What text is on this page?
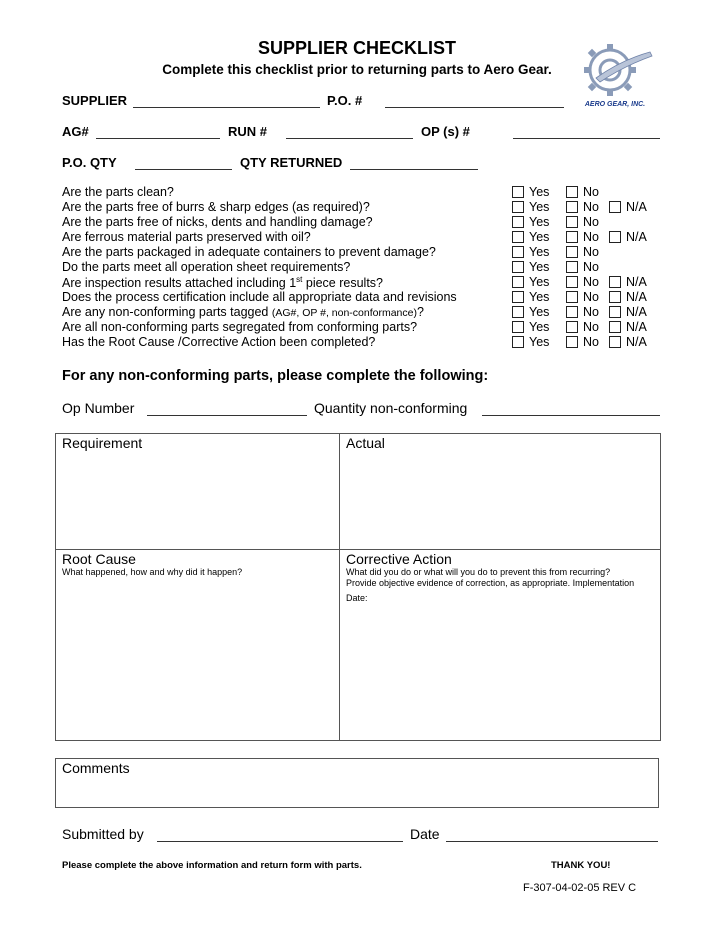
SUPPLIER CHECKLIST
Complete this checklist prior to returning parts to Aero Gear.
AERO GEAR, INC.
SUPPLIER	P.O. #
AG#	RUN #	OP (s) #
P.O. QTY	QTY RETURNED
Are the parts clean?	Yes	No
Are the parts free of burrs & sharp edges (as required)?	Yes	No N/A
Are the parts free of nicks, dents and handling damage?	Yes	No
Are ferrous material parts preserved with oil?	Yes	No N/A
Are the parts packaged in adequate containers to prevent damage?	Yes	No
Do the parts meet all operation sheet requirements?	Yes	No
Are inspection results attached including 1st piece results?	Yes	No N/A
Does the process certification include all appropriate data and revisions	Yes	No N/A
Are any non-conforming parts tagged (AG#, OP #, non-conformance)?	Yes	No N/A
Are all non-conforming parts segregated from conforming parts?	Yes	No N/A
Has the Root Cause /Corrective Action been completed?	Yes	No N/A
For any non-conforming parts, please complete the following:
Op Number	Quantity non-conforming
Requirement	Actual
Root Cause
What happened, how and why did it happen?
Corrective Action
What did you do or what will you do to prevent this from recurring?
Provide objective evidence of correction, as appropriate. Implementation
Date:
Comments
Submitted by	Date
Please complete the above information and return form with parts.	THANK YOU!
F-307-04-02-05 REV C
